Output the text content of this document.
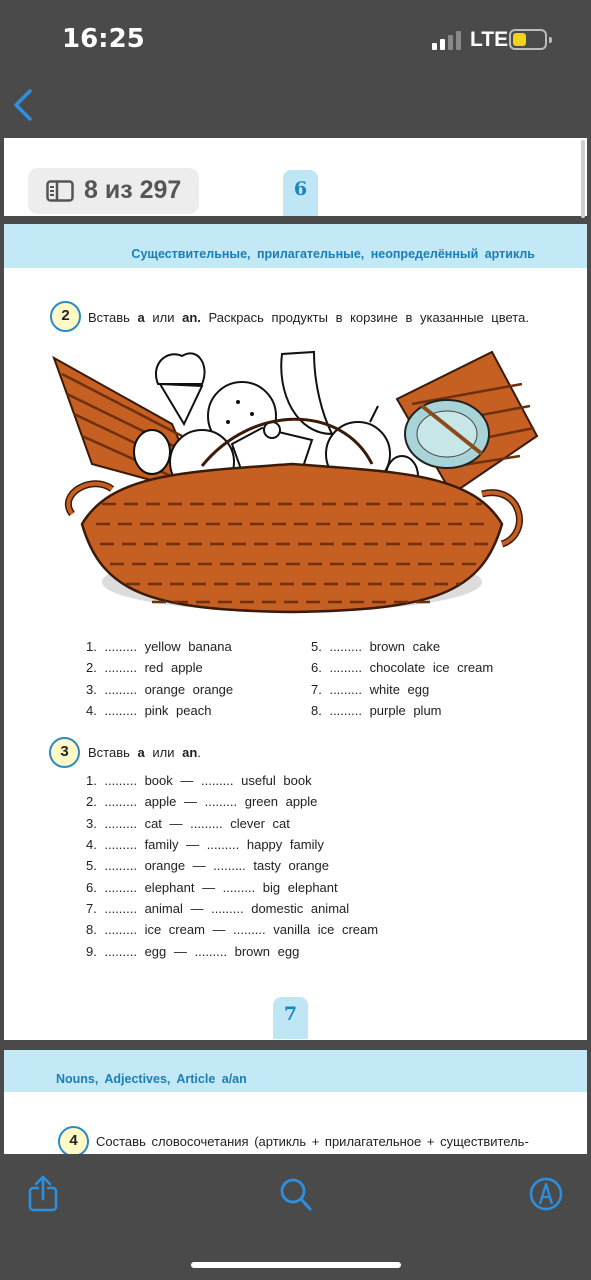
16:25	LTE
8 из 297	6
Существительные, прилагательные, неопределённый артикль
2	Вставь a или an. Раскрась продукты в корзине в указанные цвета.
1. ......... yellow banana
2. ......... red apple
3. ......... orange orange
4. ......... pink peach
5. ......... brown cake
6. ......... chocolate ice cream
7. ......... white egg
8. ......... purple plum
3	Вставь a или an.
1. ......... book — ......... useful book
2. ......... apple — ......... green apple
3. ......... cat — ......... clever cat
4. ......... family — ......... happy family
5. ......... orange — ......... tasty orange
6. ......... elephant — ......... big elephant
7. ......... animal — ......... domestic animal
8. ......... ice cream — ......... vanilla ice cream
9. ......... egg — ......... brown egg
7
Nouns, Adjectives, Article a/an
4	Составь словосочетания (артикль + прилагательное + существитель-
